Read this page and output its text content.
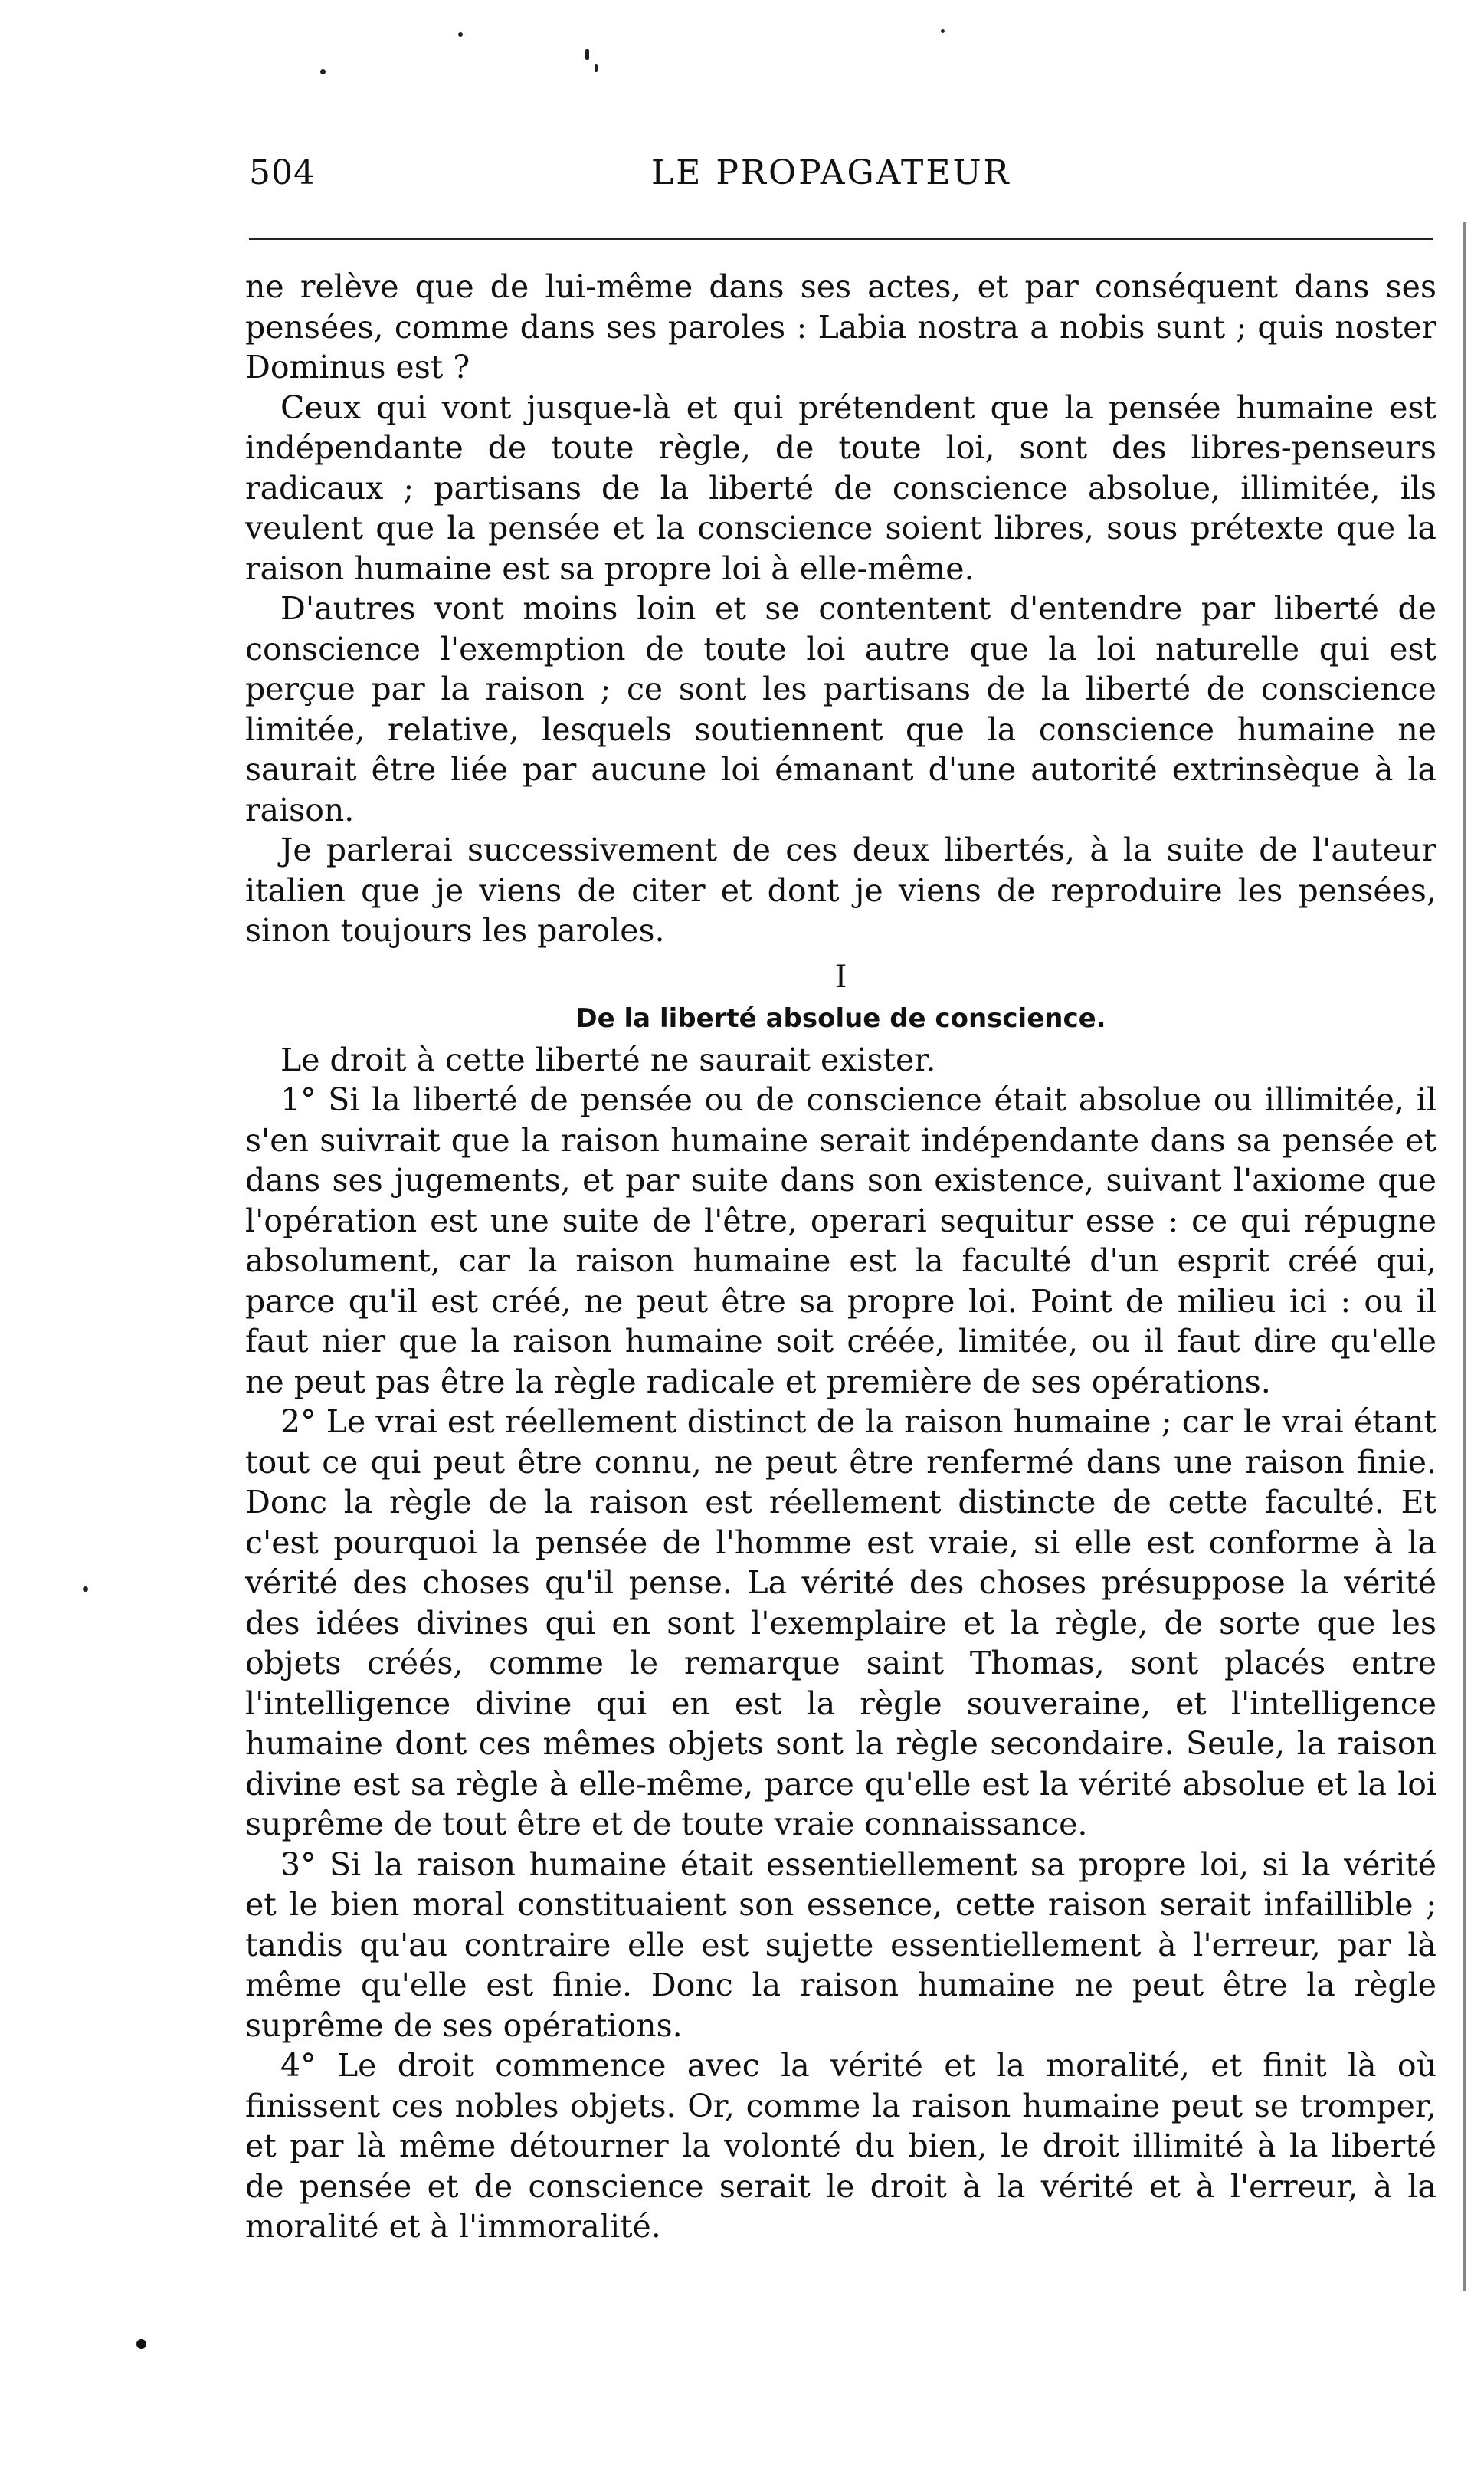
504	LE PROPAGATEUR

ne relève que de lui-même dans ses actes, et par conséquent dans ses pensées, comme dans ses paroles : Labia nostra a nobis sunt ; quis noster Dominus est ?

Ceux qui vont jusque-là et qui prétendent que la pensée humaine est indépendante de toute règle, de toute loi, sont des libres-penseurs radicaux ; partisans de la liberté de conscience absolue, illimitée, ils veulent que la pensée et la conscience soient libres, sous prétexte que la raison humaine est sa propre loi à elle-même.

D'autres vont moins loin et se contentent d'entendre par liberté de conscience l'exemption de toute loi autre que la loi naturelle qui est perçue par la raison ; ce sont les partisans de la liberté de conscience limitée, relative, lesquels soutiennent que la conscience humaine ne saurait être liée par aucune loi émanant d'une autorité extrinsèque à la raison.

Je parlerai successivement de ces deux libertés, à la suite de l'auteur italien que je viens de citer et dont je viens de reproduire les pensées, sinon toujours les paroles.

I

De la liberté absolue de conscience.

Le droit à cette liberté ne saurait exister.

1° Si la liberté de pensée ou de conscience était absolue ou illimitée, il s'en suivrait que la raison humaine serait indépendante dans sa pensée et dans ses jugements, et par suite dans son existence, suivant l'axiome que l'opération est une suite de l'être, operari sequitur esse : ce qui répugne absolument, car la raison humaine est la faculté d'un esprit créé qui, parce qu'il est créé, ne peut être sa propre loi. Point de milieu ici : ou il faut nier que la raison humaine soit créée, limitée, ou il faut dire qu'elle ne peut pas être la règle radicale et première de ses opérations.

2° Le vrai est réellement distinct de la raison humaine ; car le vrai étant tout ce qui peut être connu, ne peut être renfermé dans une raison finie. Donc la règle de la raison est réellement distincte de cette faculté. Et c'est pourquoi la pensée de l'homme est vraie, si elle est conforme à la vérité des choses qu'il pense. La vérité des choses présuppose la vérité des idées divines qui en sont l'exemplaire et la règle, de sorte que les objets créés, comme le remarque saint Thomas, sont placés entre l'intelligence divine qui en est la règle souveraine, et l'intelligence humaine dont ces mêmes objets sont la règle secondaire. Seule, la raison divine est sa règle à elle-même, parce qu'elle est la vérité absolue et la loi suprême de tout être et de toute vraie connaissance.

3° Si la raison humaine était essentiellement sa propre loi, si la vérité et le bien moral constituaient son essence, cette raison serait infaillible ; tandis qu'au contraire elle est sujette essentiellement à l'erreur, par là même qu'elle est finie. Donc la raison humaine ne peut être la règle suprême de ses opérations.

4° Le droit commence avec la vérité et la moralité, et finit là où finissent ces nobles objets. Or, comme la raison humaine peut se tromper, et par là même détourner la volonté du bien, le droit illimité à la liberté de pensée et de conscience serait le droit à la vérité et à l'erreur, à la moralité et à l'immoralité.
